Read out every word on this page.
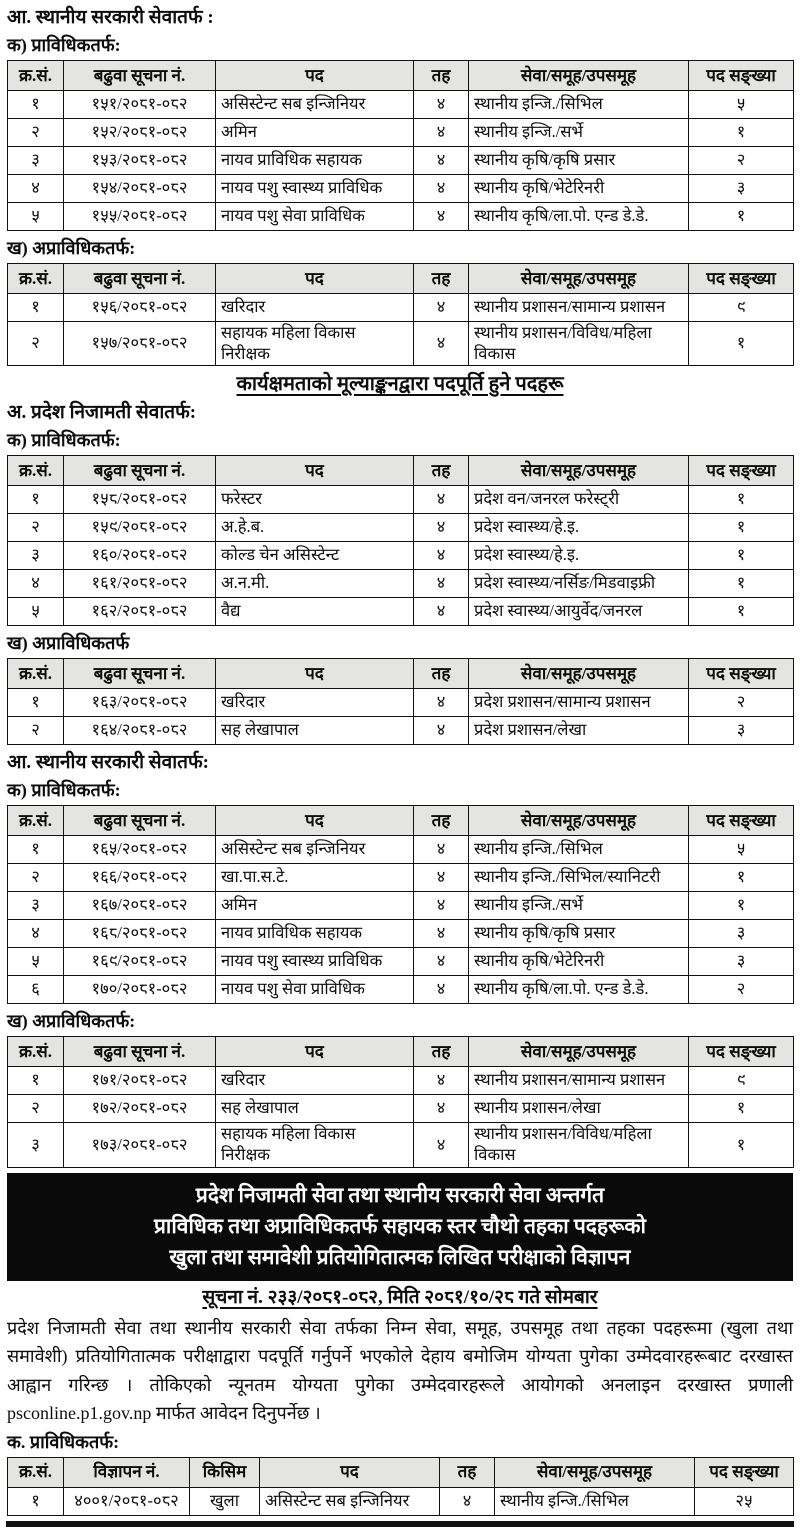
आ. स्थानीय सरकारी सेवातर्फ :
क) प्राविधिकतर्फ:
क्र.सं.	बढुवा सूचना नं.	पद	तह	सेवा/समूह/उपसमूह	पद सङ्ख्या
१	१५१/२०८१-०८२	असिस्टेन्ट सब इन्जिनियर	४	स्थानीय इन्जि./सिभिल	५
२	१५२/२०८१-०८२	अमिन	४	स्थानीय इन्जि./सर्भे	१
३	१५३/२०८१-०८२	नायव प्राविधिक सहायक	४	स्थानीय कृषि/कृषि प्रसार	२
४	१५४/२०८१-०८२	नायव पशु स्वास्थ्य प्राविधिक	४	स्थानीय कृषि/भेटेरिनरी	३
५	१५५/२०८१-०८२	नायव पशु सेवा प्राविधिक	४	स्थानीय कृषि/ला.पो. एन्ड डे.डे.	१
ख) अप्राविधिकतर्फ:
क्र.सं.	बढुवा सूचना नं.	पद	तह	सेवा/समूह/उपसमूह	पद सङ्ख्या
१	१५६/२०८१-०८२	खरिदार	४	स्थानीय प्रशासन/सामान्य प्रशासन	९
२	१५७/२०८१-०८२	सहायक महिला विकास निरीक्षक	४	स्थानीय प्रशासन/विविध/महिला विकास	१
कार्यक्षमताको मूल्याङ्कनद्वारा पदपूर्ति हुने पदहरू
अ. प्रदेश निजामती सेवातर्फ:
क) प्राविधिकतर्फ:
क्र.सं.	बढुवा सूचना नं.	पद	तह	सेवा/समूह/उपसमूह	पद सङ्ख्या
१	१५८/२०८१-०८२	फरेस्टर	४	प्रदेश वन/जनरल फरेस्ट्री	१
२	१५९/२०८१-०८२	अ.हे.ब.	४	प्रदेश स्वास्थ्य/हे.इ.	१
३	१६०/२०८१-०८२	कोल्ड चेन असिस्टेन्ट	४	प्रदेश स्वास्थ्य/हे.इ.	१
४	१६१/२०८१-०८२	अ.न.मी.	४	प्रदेश स्वास्थ्य/नर्सिङ/मिडवाइफ्री	१
५	१६२/२०८१-०८२	वैद्य	४	प्रदेश स्वास्थ्य/आयुर्वेद/जनरल	१
ख) अप्राविधिकतर्फ
क्र.सं.	बढुवा सूचना नं.	पद	तह	सेवा/समूह/उपसमूह	पद सङ्ख्या
१	१६३/२०८१-०८२	खरिदार	४	प्रदेश प्रशासन/सामान्य प्रशासन	२
२	१६४/२०८१-०८२	सह लेखापाल	४	प्रदेश प्रशासन/लेखा	३
आ. स्थानीय सरकारी सेवातर्फ:
क) प्राविधिकतर्फ:
क्र.सं.	बढुवा सूचना नं.	पद	तह	सेवा/समूह/उपसमूह	पद सङ्ख्या
१	१६५/२०८१-०८२	असिस्टेन्ट सब इन्जिनियर	४	स्थानीय इन्जि./सिभिल	५
२	१६६/२०८१-०८२	खा.पा.स.टे.	४	स्थानीय इन्जि./सिभिल/स्यानिटरी	१
३	१६७/२०८१-०८२	अमिन	४	स्थानीय इन्जि./सर्भे	१
४	१६८/२०८१-०८२	नायव प्राविधिक सहायक	४	स्थानीय कृषि/कृषि प्रसार	३
५	१६९/२०८१-०८२	नायव पशु स्वास्थ्य प्राविधिक	४	स्थानीय कृषि/भेटेरिनरी	३
६	१७०/२०८१-०८२	नायव पशु सेवा प्राविधिक	४	स्थानीय कृषि/ला.पो. एन्ड डे.डे.	२
ख) अप्राविधिकतर्फ:
क्र.सं.	बढुवा सूचना नं.	पद	तह	सेवा/समूह/उपसमूह	पद सङ्ख्या
१	१७१/२०८१-०८२	खरिदार	४	स्थानीय प्रशासन/सामान्य प्रशासन	९
२	१७२/२०८१-०८२	सह लेखापाल	४	स्थानीय प्रशासन/लेखा	१
३	१७३/२०८१-०८२	सहायक महिला विकास निरीक्षक	४	स्थानीय प्रशासन/विविध/महिला विकास	१
प्रदेश निजामती सेवा तथा स्थानीय सरकारी सेवा अन्तर्गत
प्राविधिक तथा अप्राविधिकतर्फ सहायक स्तर चौथो तहका पदहरूको
खुला तथा समावेशी प्रतियोगितात्मक लिखित परीक्षाको विज्ञापन
सूचना नं. २३३/२०८१-०८२, मिति २०८१/१०/२८ गते सोमबार

प्रदेश निजामती सेवा तथा स्थानीय सरकारी सेवा तर्फका निम्न सेवा, समूह, उपसमूह तथा तहका पदहरूमा (खुला तथा समावेशी) प्रतियोगितात्मक परीक्षाद्वारा पदपूर्ति गर्नुपर्ने भएकोले देहाय बमोजिम योग्यता पुगेका उम्मेदवारहरूबाट दरखास्त आह्वान गरिन्छ । तोकिएको न्यूनतम योग्यता पुगेका उम्मेदवारहरूले आयोगको अनलाइन दरखास्त प्रणाली psconline.p1.gov.np मार्फत आवेदन दिनुपर्नेछ ।

क. प्राविधिकतर्फ:
क्र.सं.	विज्ञापन नं.	किसिम	पद	तह	सेवा/समूह/उपसमूह	पद सङ्ख्या
१	४००१/२०८१-०८२	खुला	असिस्टेन्ट सब इन्जिनियर	४	स्थानीय इन्जि./सिभिल	२५
